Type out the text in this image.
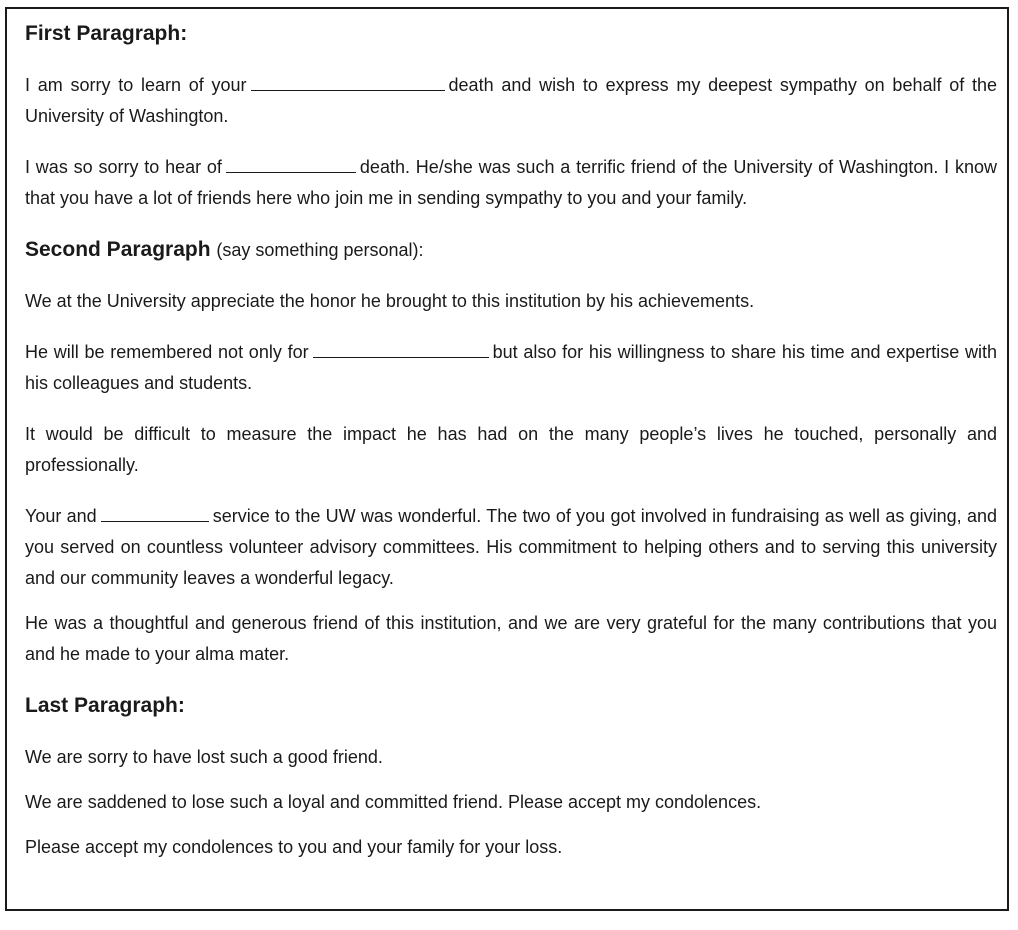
First Paragraph:

I am sorry to learn of your	death and wish to express my deepest sympathy on behalf of the University of Washington.

I was so sorry to hear of	death. He/she was such a terrific friend of the University of Washington. I know that you have a lot of friends here who join me in sending sympathy to you and your family.

Second Paragraph (say something personal):

We at the University appreciate the honor he brought to this institution by his achievements.

He will be remembered not only for	but also for his willingness to share his time and expertise with his colleagues and students.

It would be difficult to measure the impact he has had on the many people’s lives he touched, personally and professionally.

Your and	service to the UW was wonderful. The two of you got involved in fundraising as well as giving, and you served on countless volunteer advisory committees. His commitment to helping others and to serving this university and our community leaves a wonderful legacy.

He was a thoughtful and generous friend of this institution, and we are very grateful for the many contributions that you and he made to your alma mater.

Last Paragraph:

We are sorry to have lost such a good friend.

We are saddened to lose such a loyal and committed friend. Please accept my condolences.

Please accept my condolences to you and your family for your loss.
